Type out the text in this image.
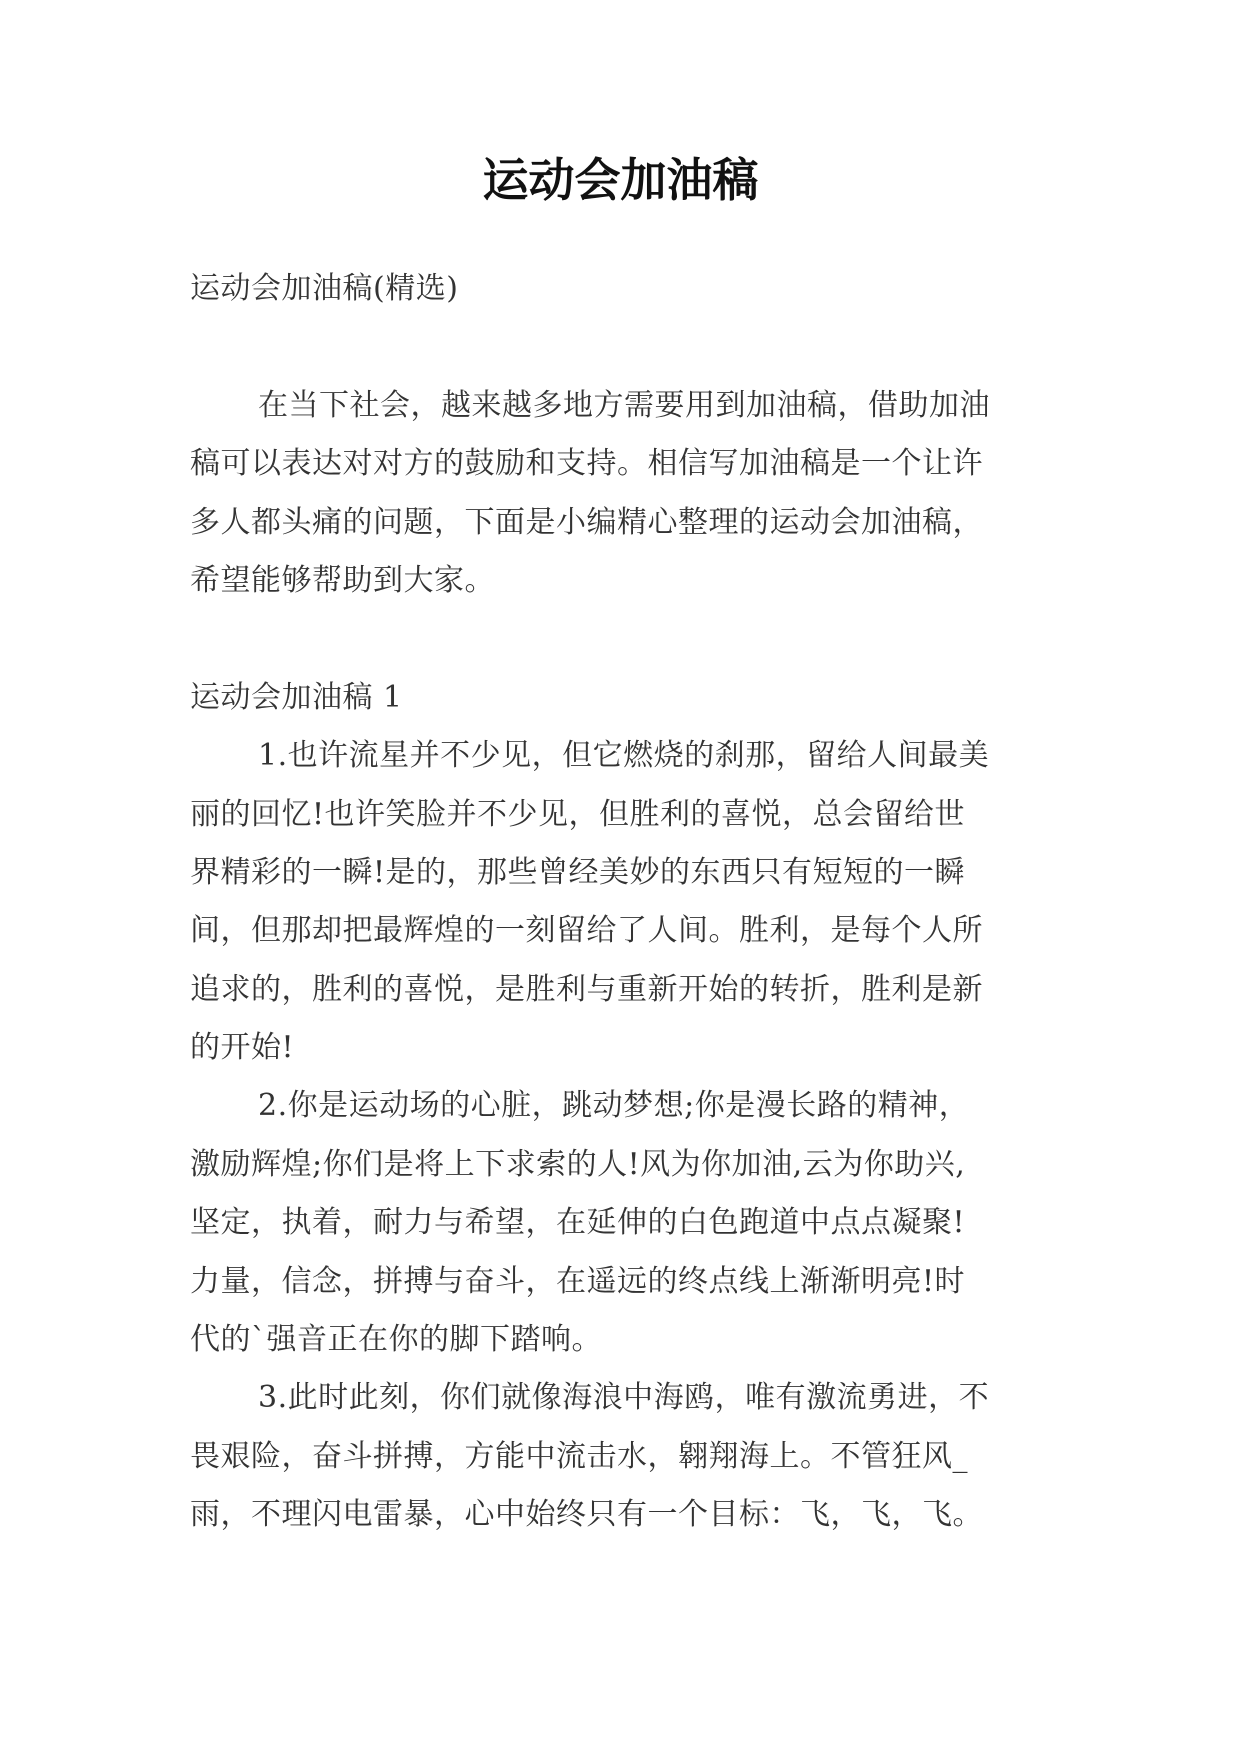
运动会加油稿
运动会加油稿(精选)
在当下社会，越来越多地方需要用到加油稿，借助加油
稿可以表达对对方的鼓励和支持。相信写加油稿是一个让许
多人都头痛的问题，下面是小编精心整理的运动会加油稿，
希望能够帮助到大家。
运动会加油稿 1
1.也许流星并不少见，但它燃烧的刹那，留给人间最美
丽的回忆!也许笑脸并不少见，但胜利的喜悦，总会留给世
界精彩的一瞬!是的，那些曾经美妙的东西只有短短的一瞬
间，但那却把最辉煌的一刻留给了人间。胜利，是每个人所
追求的，胜利的喜悦，是胜利与重新开始的转折，胜利是新
的开始!
2.你是运动场的心脏，跳动梦想;你是漫长路的精神，
激励辉煌;你们是将上下求索的人!风为你加油,云为你助兴,
坚定，执着，耐力与希望，在延伸的白色跑道中点点凝聚!
力量，信念，拼搏与奋斗，在遥远的终点线上渐渐明亮!时
代的`强音正在你的脚下踏响。
3.此时此刻，你们就像海浪中海鸥，唯有激流勇进，不
畏艰险，奋斗拼搏，方能中流击水，翱翔海上。不管狂风_
雨，不理闪电雷暴，心中始终只有一个目标：飞，飞，飞。
